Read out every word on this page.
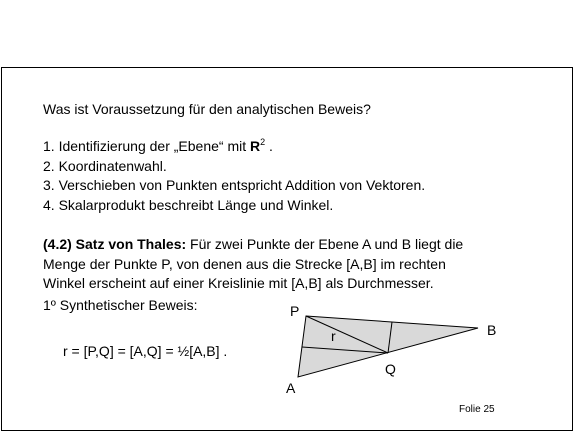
Was ist Voraussetzung für den analytischen Beweis?
1. Identifizierung der „Ebene“ mit $R^2$ .
2. Koordinatenwahl.
3. Verschieben von Punkten entspricht Addition von Vektoren.
4. Skalarprodukt beschreibt Länge und Winkel.
(4.2) Satz von Thales: Für zwei Punkte der Ebene A und B liegt die
Menge der Punkte P, von denen aus die Strecke [A,B] im rechten
Winkel erscheint auf einer Kreislinie mit [A,B] als Durchmesser.
1º Synthetischer Beweis:
r = [P,Q] = [A,Q] = ½[A,B] .
P
B
A
Q
r
Folie 25
